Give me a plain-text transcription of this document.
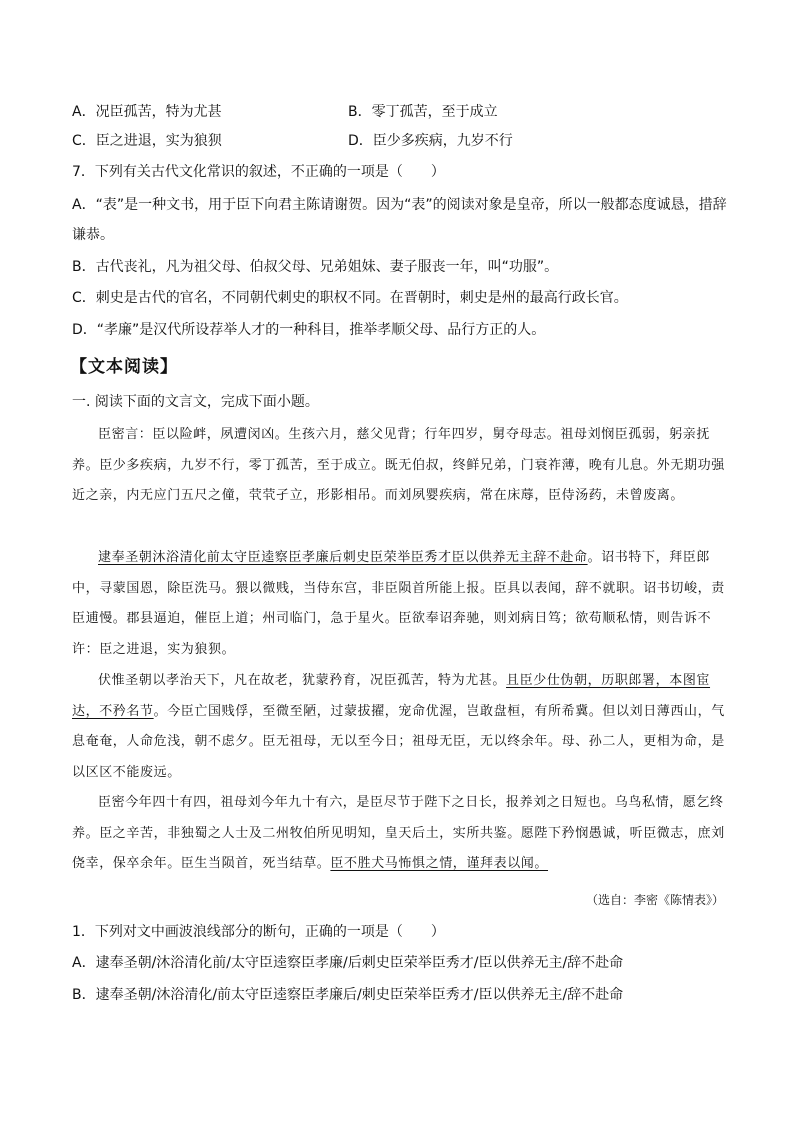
A．况臣孤苦，特为尤甚	B．零丁孤苦，至于成立
C．臣之进退，实为狼狈	D．臣少多疾病，九岁不行
7．下列有关古代文化常识的叙述，不正确的一项是（　　）
A．“表”是一种文书，用于臣下向君主陈请谢贺。因为“表”的阅读对象是皇帝，所以一般都态度诚恳，措辞谦恭。
B．古代丧礼，凡为祖父母、伯叔父母、兄弟姐妹、妻子服丧一年，叫“功服”。
C．刺史是古代的官名，不同朝代刺史的职权不同。在晋朝时，刺史是州的最高行政长官。
D．“孝廉”是汉代所设荐举人才的一种科目，推举孝顺父母、品行方正的人。
【文本阅读】
一. 阅读下面的文言文，完成下面小题。
臣密言：臣以险衅，夙遭闵凶。生孩六月，慈父见背；行年四岁，舅夺母志。祖母刘悯臣孤弱，躬亲抚养。臣少多疾病，九岁不行，零丁孤苦，至于成立。既无伯叔，终鲜兄弟，门衰祚薄，晚有儿息。外无期功强近之亲，内无应门五尺之僮，茕茕孑立，形影相吊。而刘夙婴疾病，常在床蓐，臣侍汤药，未曾废离。
逮奉圣朝沐浴清化前太守臣逵察臣孝廉后刺史臣荣举臣秀才臣以供养无主辞不赴命。诏书特下，拜臣郎中，寻蒙国恩，除臣洗马。猥以微贱，当侍东宫，非臣陨首所能上报。臣具以表闻，辞不就职。诏书切峻，责臣逋慢。郡县逼迫，催臣上道；州司临门，急于星火。臣欲奉诏奔驰，则刘病日笃；欲苟顺私情，则告诉不许：臣之进退，实为狼狈。
伏惟圣朝以孝治天下，凡在故老，犹蒙矜育，况臣孤苦，特为尤甚。且臣少仕伪朝，历职郎署，本图宦达，不矜名节。今臣亡国贱俘，至微至陋，过蒙拔擢，宠命优渥，岂敢盘桓，有所希冀。但以刘日薄西山，气息奄奄，人命危浅，朝不虑夕。臣无祖母，无以至今日；祖母无臣，无以终余年。母、孙二人，更相为命，是以区区不能废远。
臣密今年四十有四，祖母刘今年九十有六，是臣尽节于陛下之日长，报养刘之日短也。乌鸟私情，愿乞终养。臣之辛苦，非独蜀之人士及二州牧伯所见明知，皇天后土，实所共鉴。愿陛下矜悯愚诚，听臣微志，庶刘侥幸，保卒余年。臣生当陨首，死当结草。臣不胜犬马怖惧之情，谨拜表以闻。
（选自：李密《陈情表》）
1．下列对文中画波浪线部分的断句，正确的一项是（　　）
A．逮奉圣朝/沐浴清化前/太守臣逵察臣孝廉/后刺史臣荣举臣秀才/臣以供养无主/辞不赴命
B．逮奉圣朝/沐浴清化/前太守臣逵察臣孝廉后/刺史臣荣举臣秀才/臣以供养无主/辞不赴命
